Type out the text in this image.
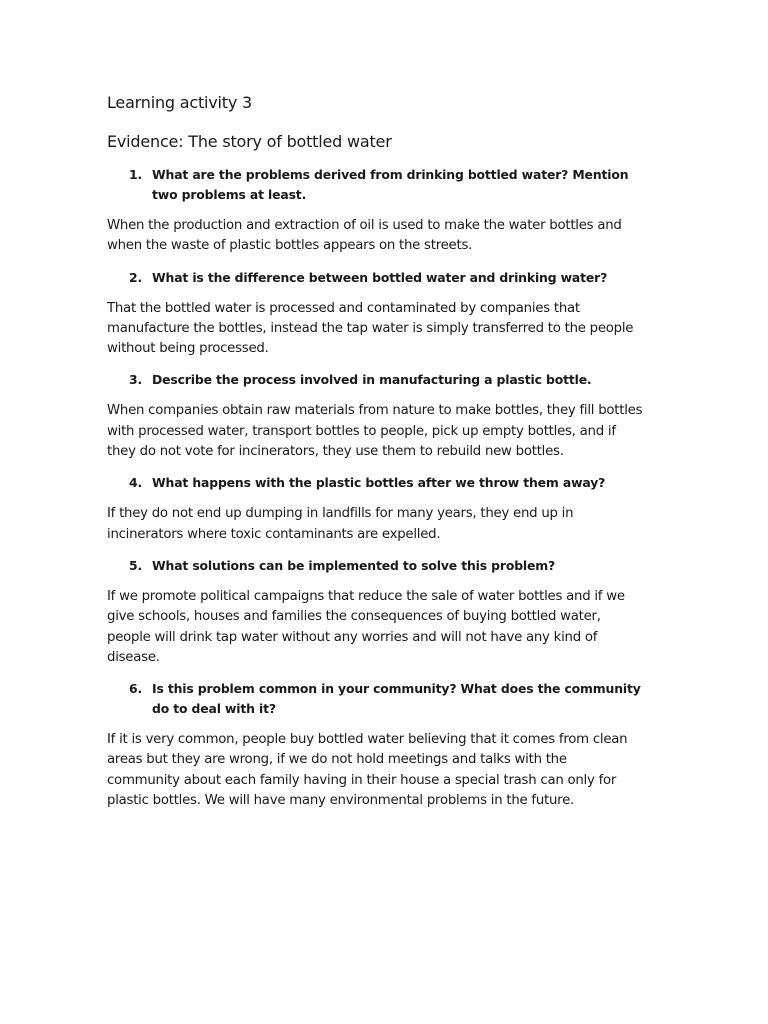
Learning activity 3
Evidence: The story of bottled water
1. What are the problems derived from drinking bottled water? Mention two problems at least.

When the production and extraction of oil is used to make the water bottles and
when the waste of plastic bottles appears on the streets.

2. What is the difference between bottled water and drinking water?

That the bottled water is processed and contaminated by companies that
manufacture the bottles, instead the tap water is simply transferred to the people
without being processed.

3. Describe the process involved in manufacturing a plastic bottle.

When companies obtain raw materials from nature to make bottles, they fill bottles
with processed water, transport bottles to people, pick up empty bottles, and if
they do not vote for incinerators, they use them to rebuild new bottles.

4. What happens with the plastic bottles after we throw them away?

If they do not end up dumping in landfills for many years, they end up in
incinerators where toxic contaminants are expelled.

5. What solutions can be implemented to solve this problem?

If we promote political campaigns that reduce the sale of water bottles and if we
give schools, houses and families the consequences of buying bottled water,
people will drink tap water without any worries and will not have any kind of
disease.

6. Is this problem common in your community? What does the community do to deal with it?

If it is very common, people buy bottled water believing that it comes from clean
areas but they are wrong, if we do not hold meetings and talks with the
community about each family having in their house a special trash can only for
plastic bottles. We will have many environmental problems in the future.
